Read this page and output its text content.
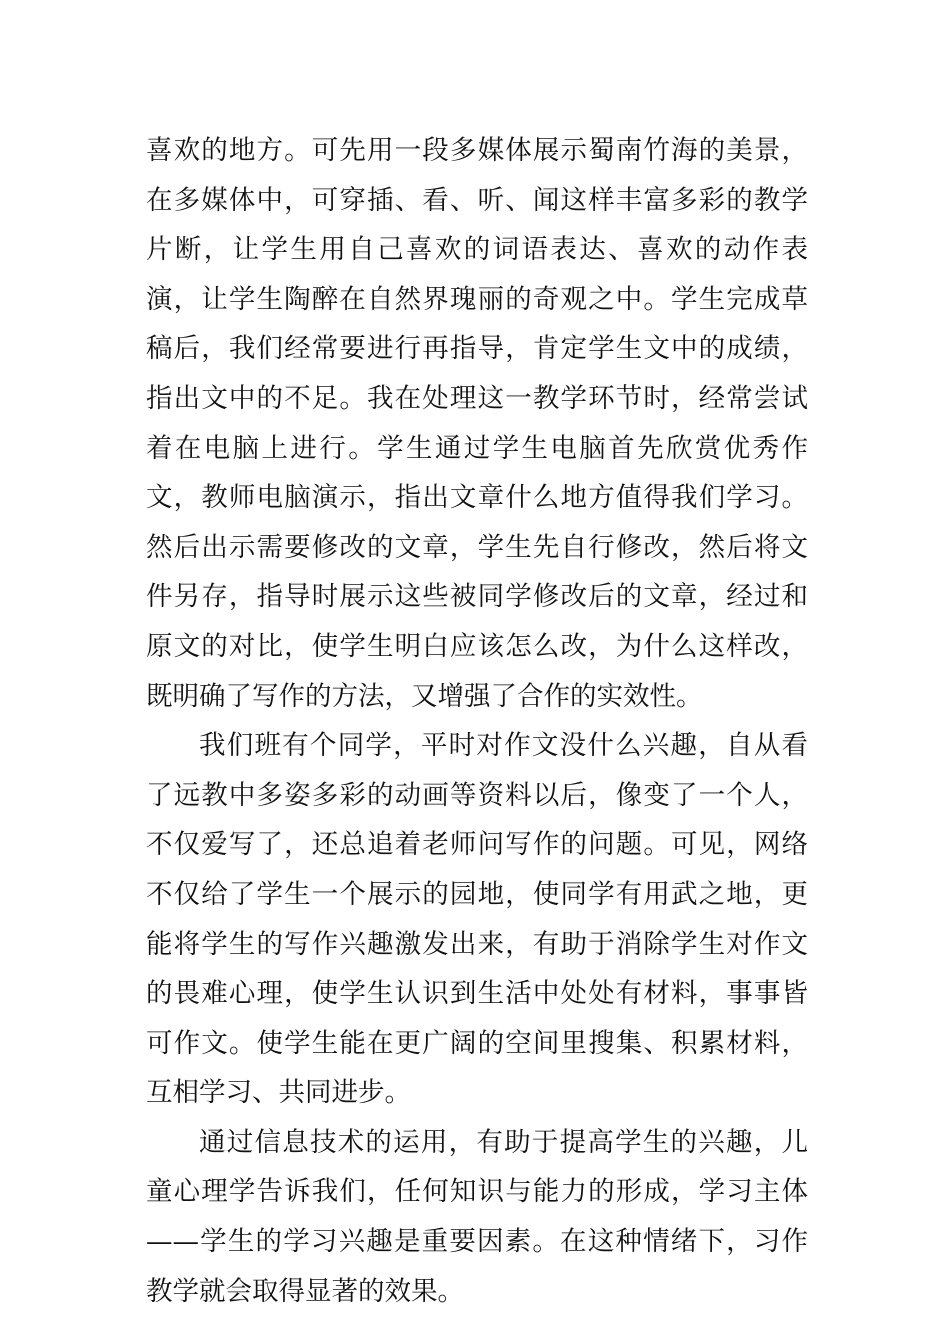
喜欢的地方。可先用一段多媒体展示蜀南竹海的美景，在多媒体中，可穿插、看、听、闻这样丰富多彩的教学片断，让学生用自己喜欢的词语表达、喜欢的动作表演，让学生陶醉在自然界瑰丽的奇观之中。学生完成草稿后，我们经常要进行再指导，肯定学生文中的成绩，指出文中的不足。我在处理这一教学环节时，经常尝试着在电脑上进行。学生通过学生电脑首先欣赏优秀作文，教师电脑演示，指出文章什么地方值得我们学习。然后出示需要修改的文章，学生先自行修改，然后将文件另存，指导时展示这些被同学修改后的文章，经过和原文的对比，使学生明白应该怎么改，为什么这样改，既明确了写作的方法，又增强了合作的实效性。

我们班有个同学，平时对作文没什么兴趣，自从看了远教中多姿多彩的动画等资料以后，像变了一个人，不仅爱写了，还总追着老师问写作的问题。可见，网络不仅给了学生一个展示的园地，使同学有用武之地，更能将学生的写作兴趣激发出来，有助于消除学生对作文的畏难心理，使学生认识到生活中处处有材料，事事皆可作文。使学生能在更广阔的空间里搜集、积累材料，互相学习、共同进步。

通过信息技术的运用，有助于提高学生的兴趣，儿童心理学告诉我们，任何知识与能力的形成，学习主体——学生的学习兴趣是重要因素。在这种情绪下，习作教学就会取得显著的效果。
